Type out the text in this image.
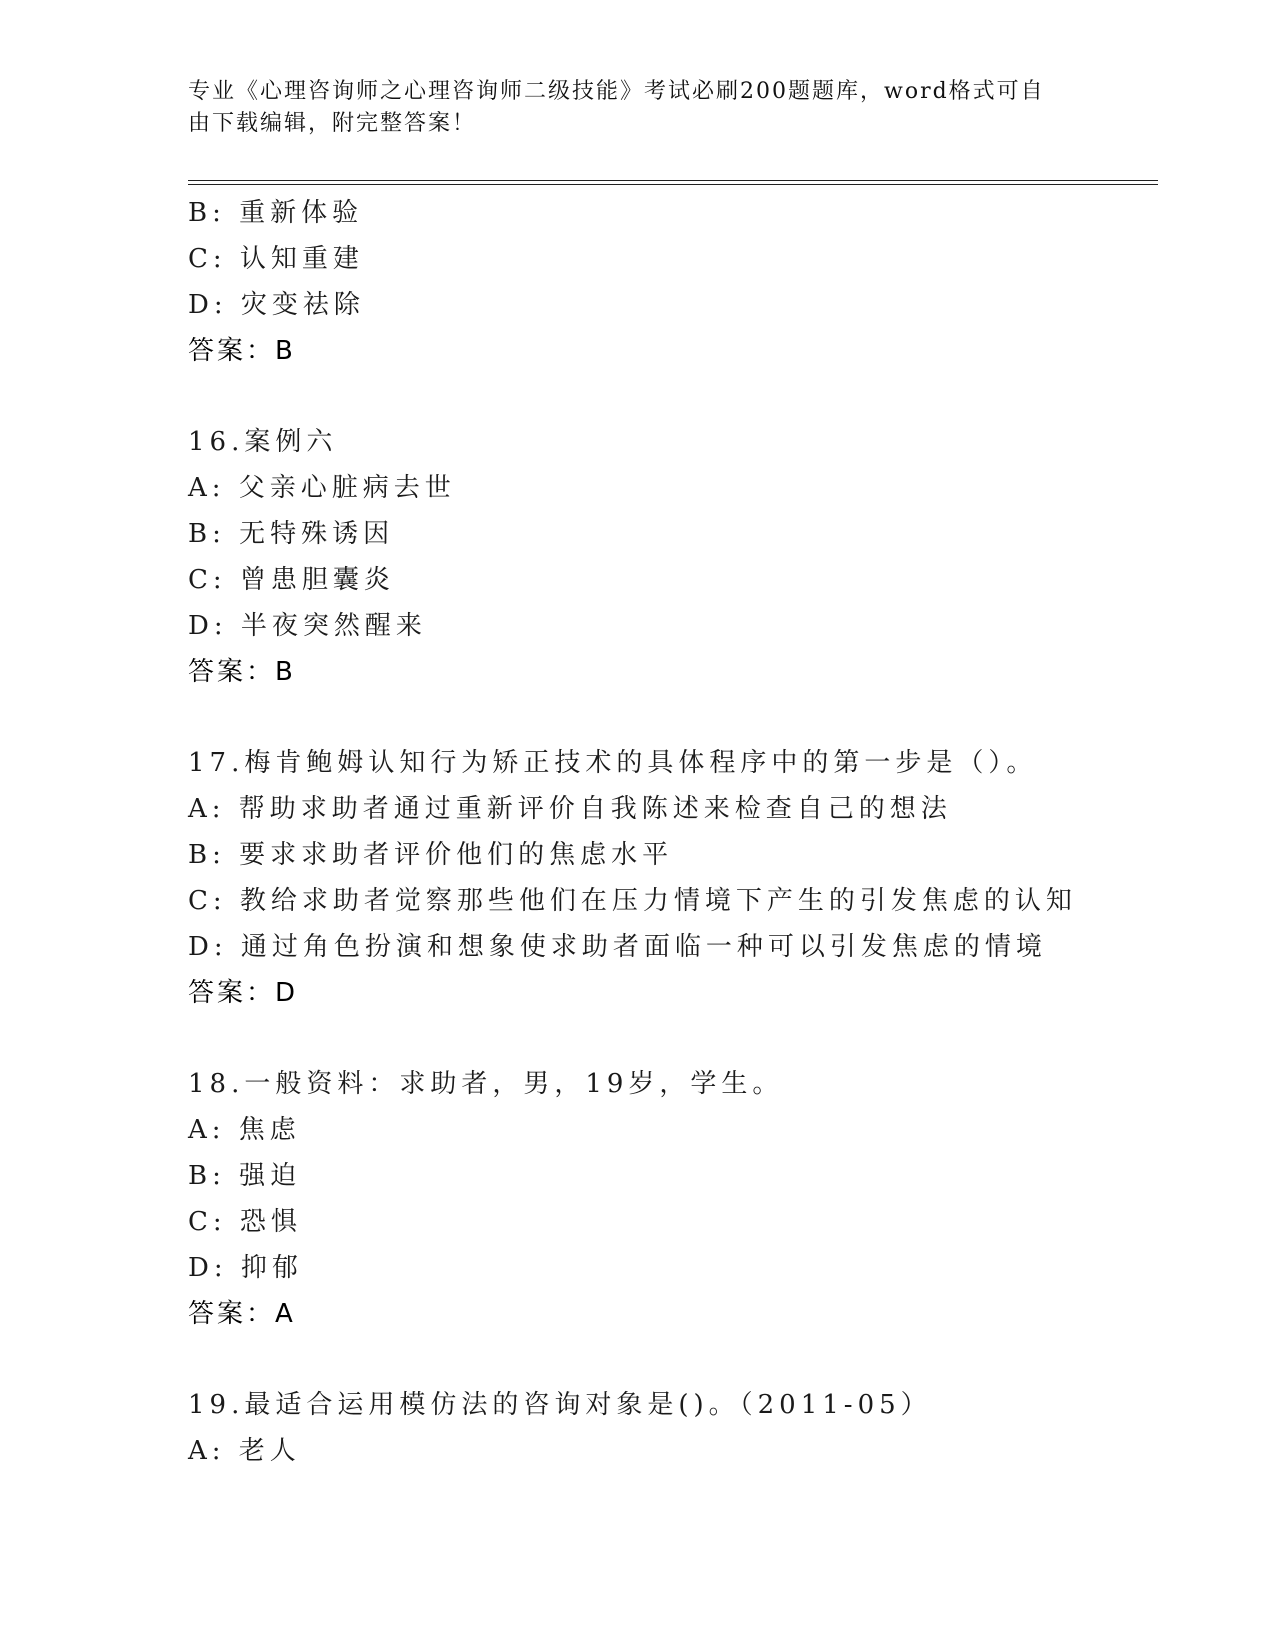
专业《心理咨询师之心理咨询师二级技能》考试必刷200题题库，word格式可自
由下载编辑，附完整答案！
B: 重新体验
C: 认知重建
D: 灾变祛除
答案：B
16.案例六
A: 父亲心脏病去世
B: 无特殊诱因
C: 曾患胆囊炎
D: 半夜突然醒来
答案：B
17.梅肯鲍姆认知行为矫正技术的具体程序中的第一步是（）。
A: 帮助求助者通过重新评价自我陈述来检查自己的想法
B: 要求求助者评价他们的焦虑水平
C: 教给求助者觉察那些他们在压力情境下产生的引发焦虑的认知
D: 通过角色扮演和想象使求助者面临一种可以引发焦虑的情境
答案：D
18.一般资料：求助者，男，19岁，学生。
A: 焦虑
B: 强迫
C: 恐惧
D: 抑郁
答案：A
19.最适合运用模仿法的咨询对象是()。（2011-05）
A: 老人
